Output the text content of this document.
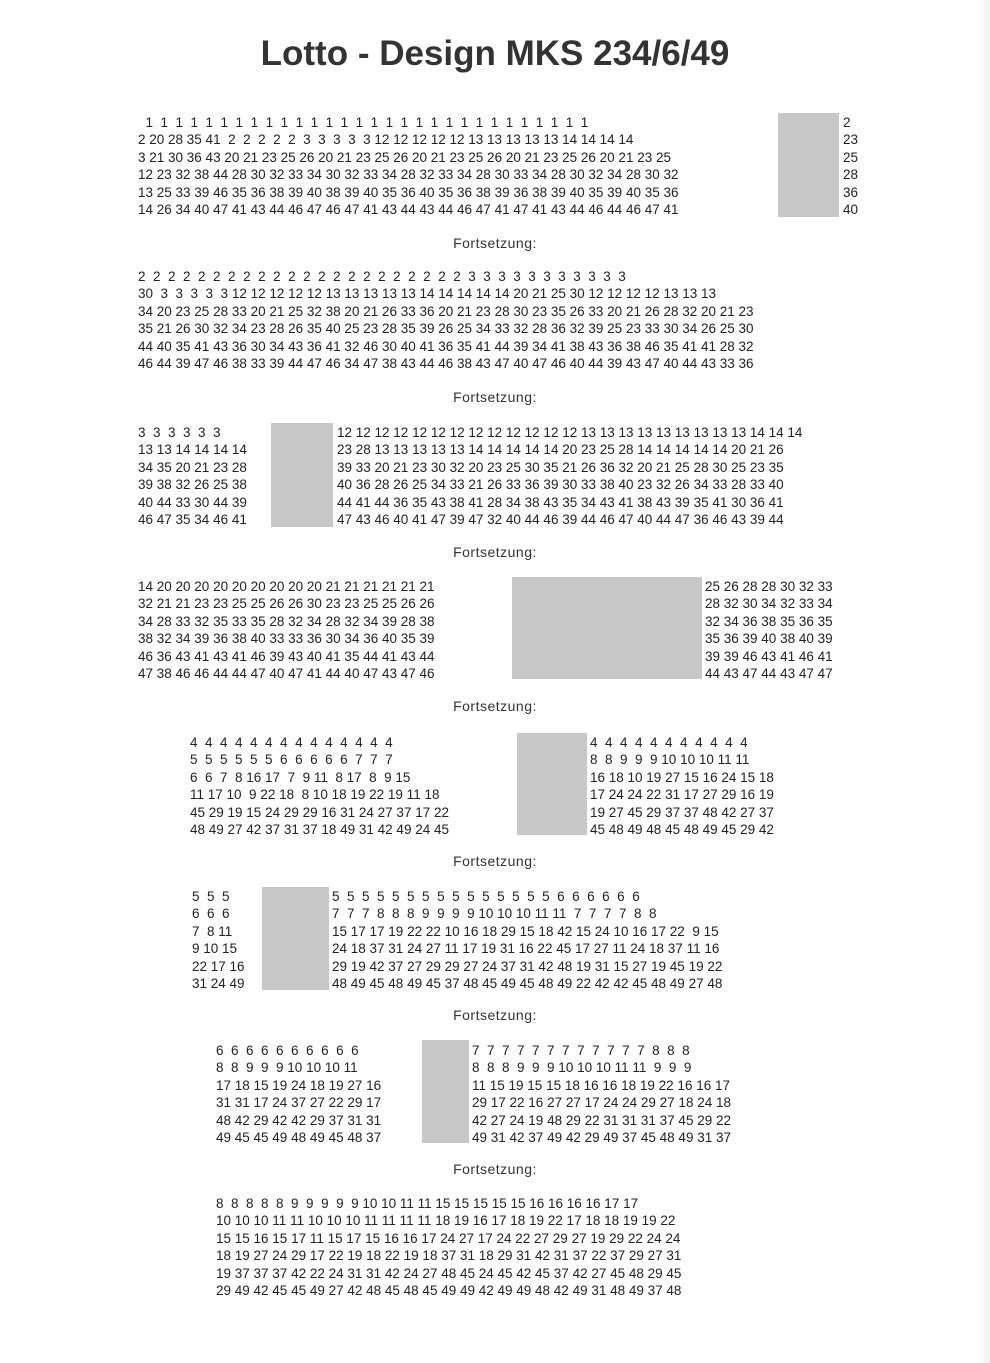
Lotto - Design MKS 234/6/49
1  1  1  1  1  1  1  1  1  1  1  1  1  1  1  1  1  1  1  1  1  1  1  1  1  1  1  1  1  1
2 20 28 35 41  2  2  2  2  2  3  3  3  3  3 12 12 12 12 12 13 13 13 13 13 14 14 14 14
3 21 30 36 43 20 21 23 25 26 20 21 23 25 26 20 21 23 25 26 20 21 23 25 26 20 21 23 25
12 23 32 38 44 28 30 32 33 34 30 32 33 34 28 32 33 34 28 30 33 34 28 30 32 34 28 30 32
13 25 33 39 46 35 36 38 39 40 38 39 40 35 36 40 35 36 38 39 36 38 39 40 35 39 40 35 36
14 26 34 40 47 41 43 44 46 47 46 47 41 43 44 43 44 46 47 41 47 41 43 44 46 44 46 47 41
2
23
25
28
36
40
Fortsetzung:
2  2  2  2  2  2  2  2  2  2  2  2  2  2  2  2  2  2  2  2  2  2  3  3  3  3  3  3  3  3  3  3  3
30  3  3  3  3  3 12 12 12 12 12 13 13 13 13 13 14 14 14 14 14 20 21 25 30 12 12 12 12 13 13 13
34 20 23 25 28 33 20 21 25 32 38 20 21 26 33 36 20 21 23 28 30 23 35 26 33 20 21 26 28 32 20 21 23
35 21 26 30 32 34 23 28 26 35 40 25 23 28 35 39 26 25 34 33 32 28 36 32 39 25 23 33 30 34 26 25 30
44 40 35 41 43 36 30 34 43 36 41 32 46 30 40 41 36 35 41 44 39 34 41 38 43 36 38 46 35 41 41 28 32
46 44 39 47 46 38 33 39 44 47 46 34 47 38 43 44 46 38 43 47 40 47 46 40 44 39 43 47 40 44 43 33 36
Fortsetzung:
3  3  3  3  3  3
13 13 14 14 14 14
34 35 20 21 23 28
39 38 32 26 25 38
40 44 33 30 44 39
46 47 35 34 46 41
12 12 12 12 12 12 12 12 12 12 12 12 12 13 13 13 13 13 13 13 13 13 14 14 14
23 28 13 13 13 13 13 14 14 14 14 14 20 23 25 28 14 14 14 14 14 20 21 26
39 33 20 21 23 30 32 20 23 25 30 35 21 26 36 32 20 21 25 28 30 25 23 35
40 36 28 26 25 34 33 21 26 33 36 39 30 33 38 40 23 32 26 34 33 28 33 40
44 41 44 36 35 43 38 41 28 34 38 43 35 34 43 41 38 43 39 35 41 30 36 41
47 43 46 40 41 47 39 47 32 40 44 46 39 44 46 47 40 44 47 36 46 43 39 44
Fortsetzung:
14 20 20 20 20 20 20 20 20 20 21 21 21 21 21 21
32 21 21 23 23 25 25 26 26 30 23 23 25 25 26 26
34 28 33 32 35 33 35 28 32 34 28 32 34 39 28 38
38 32 34 39 36 38 40 33 33 36 30 34 36 40 35 39
46 36 43 41 43 41 46 39 43 40 41 35 44 41 43 44
47 38 46 46 44 44 47 40 47 41 44 40 47 43 47 46
25 26 28 28 30 32 33
28 32 30 34 32 33 34
32 34 36 38 35 36 35
35 36 39 40 38 40 39
39 39 46 43 41 46 41
44 43 47 44 43 47 47
Fortsetzung:
4  4  4  4  4  4  4  4  4  4  4  4  4  4
5  5  5  5  5  5  6  6  6  6  6  7  7  7
6  6  7  8 16 17  7  9 11  8 17  8  9 15
11 17 10  9 22 18  8 10 18 19 22 19 11 18
45 29 19 15 24 29 29 16 31 24 27 37 17 22
48 49 27 42 37 31 37 18 49 31 42 49 24 45
4  4  4  4  4  4  4  4  4  4  4
8  8  9  9  9 10 10 10 11 11
16 18 10 19 27 15 16 24 15 18
17 24 24 22 31 17 27 29 16 19
19 27 45 29 37 37 48 42 27 37
45 48 49 48 45 48 49 45 29 42
Fortsetzung:
5  5  5
6  6  6
7  8 11
9 10 15
22 17 16
31 24 49
5  5  5  5  5  5  5  5  5  5  5  5  5  5  5  6  6  6  6  6  6
7  7  7  8  8  8  9  9  9  9 10 10 10 11 11  7  7  7  7  8  8
15 17 17 19 22 22 10 16 18 29 15 18 42 15 24 10 16 17 22  9 15
24 18 37 31 24 27 11 17 19 31 16 22 45 17 27 11 24 18 37 11 16
29 19 42 37 27 29 29 27 24 37 31 42 48 19 31 15 27 19 45 19 22
48 49 45 48 49 45 37 48 45 49 45 48 49 22 42 42 45 48 49 27 48
Fortsetzung:
6  6  6  6  6  6  6  6  6  6
8  8  9  9  9 10 10 10 11
17 18 15 19 24 18 19 27 16
31 31 17 24 37 27 22 29 17
48 42 29 42 42 29 37 31 31
49 45 45 49 48 49 45 48 37
7  7  7  7  7  7  7  7  7  7  7  7  8  8  8
8  8  8  9  9  9 10 10 10 11 11  9  9  9
11 15 19 15 15 18 16 16 18 19 22 16 16 17
29 17 22 16 27 27 17 24 24 29 27 18 24 18
42 27 24 19 48 29 22 31 31 31 37 45 29 22
49 31 42 37 49 42 29 49 37 45 48 49 31 37
Fortsetzung:
8  8  8  8  8  9  9  9  9  9 10 10 11 11 15 15 15 15 15 16 16 16 16 17 17
10 10 10 11 11 10 10 10 11 11 11 11 18 19 16 17 18 19 22 17 18 18 19 19 22
15 15 16 15 17 11 15 17 15 16 16 17 24 27 17 24 22 27 29 27 19 29 22 24 24
18 19 27 24 29 17 22 19 18 22 19 18 37 31 18 29 31 42 31 37 22 37 29 27 31
19 37 37 37 42 22 24 31 31 42 24 27 48 45 24 45 42 45 37 42 27 45 48 29 45
29 49 42 45 45 49 27 42 48 45 48 45 49 49 42 49 49 48 42 49 31 48 49 37 48
